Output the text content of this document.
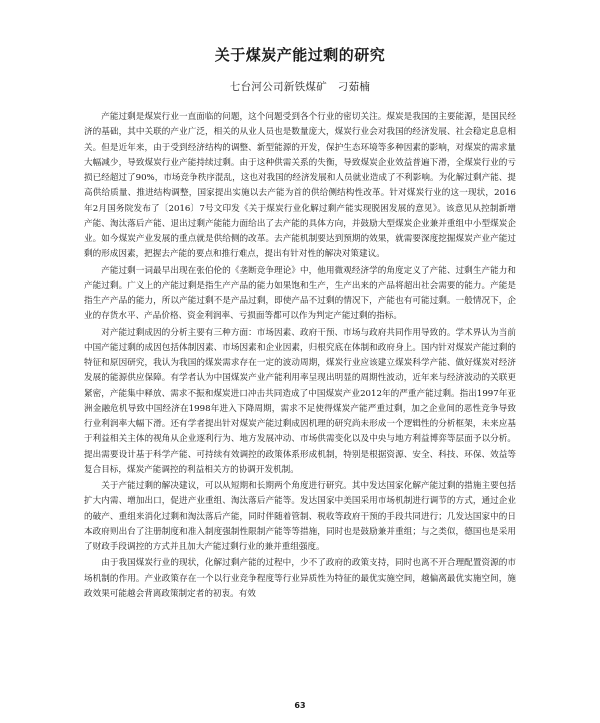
关于煤炭产能过剩的研究
七台河公司新铁煤矿　刁茹楠

产能过剩是煤炭行业一直面临的问题，这个问题受到各个行业的密切关注。煤炭是我国的主要能源，是国民经济的基础，其中关联的产业广泛，相关的从业人员也是数量庞大，煤炭行业会对我国的经济发展、社会稳定息息相关。但是近年来，由于受到经济结构的调整、新型能源的开发，保护生态环境等多种因素的影响，对煤炭的需求量大幅减少，导致煤炭行业产能持续过剩。由于这种供需关系的失衡，导致煤炭企业效益普遍下滑，全煤炭行业的亏损已经超过了90%，市场竞争秩序混乱，这也对我国的经济发展和人员就业造成了不利影响。为化解过剩产能、提高供给质量、推进结构调整，国家提出实施以去产能为首的供给侧结构性改革。针对煤炭行业的这一现状，2016年2月国务院发布了〔2016〕7号文印发《关于煤炭行业化解过剩产能实现脱困发展的意见》。该意见从控制新增产能、淘汰落后产能、退出过剩产能能力面给出了去产能的具体方向，并鼓励大型煤炭企业兼并重组中小型煤炭企业。如今煤炭产业发展的重点就是供给侧的改革。去产能机制要达到预期的效果，就需要深度挖掘煤炭产业产能过剩的形成因素，把握去产能的要点和推行难点，提出有针对性的解决对策建议。

产能过剩一词最早出现在张伯伦的《垄断竞争理论》中，他用微观经济学的角度定义了产能、过剩生产能力和产能过剩。广义上的产能过剩是指生产产品的能力如果饱和生产，生产出来的产品将超出社会需要的能力。产能是指生产产品的能力，所以产能过剩不是产品过剩，即使产品不过剩的情况下，产能也有可能过剩。一般情况下，企业的存货水平、产品价格、资金利润率、亏损面等都可以作为判定产能过剩的指标。

对产能过剩成因的分析主要有三种方面：市场因素、政府干预、市场与政府共同作用导致的。学术界认为当前中国产能过剩的成因包括体制因素、市场因素和企业因素，归根究底在体制和政府身上。国内针对煤炭产能过剩的特征和原因研究，我认为我国的煤炭需求存在一定的波动周期，煤炭行业应该建立煤炭科学产能、做好煤炭对经济发展的能源供应保障。有学者认为中国煤炭产业产能利用率呈现出明显的周期性波动，近年来与经济波动的关联更紧密，产能集中释放、需求不振和煤炭进口冲击共同造成了中国煤炭产业2012年的严重产能过剩。指出1997年亚洲金融危机导致中国经济在1998年进入下降周期，需求不足使得煤炭产能严重过剩，加之企业间的恶性竞争导致行业利润率大幅下滑。还有学者提出针对煤炭产能过剩成因机理的研究尚未形成一个逻辑性的分析框架，未来应基于利益相关主体的视角从企业逐利行为、地方发展冲动、市场供需变化以及中央与地方利益博弈等层面予以分析。提出需要设计基于科学产能、可持续有效调控的政策体系形成机制，特别是根据资源、安全、科技、环保、效益等复合目标，煤炭产能调控的利益相关方的协调开发机制。

关于产能过剩的解决建议，可以从短期和长期两个角度进行研究。其中发达国家化解产能过剩的措施主要包括扩大内需、增加出口，促进产业重组、淘汰落后产能等。发达国家中美国采用市场机制进行调节的方式，通过企业的破产、重组来消化过剩和淘汰落后产能，同时伴随着管制、税收等政府干预的手段共同进行；几发达国家中的日本政府则出台了注册制度和准入制度强制性限制产能等等措施，同时也是鼓励兼并重组；与之类似，德国也是采用了财政手段调控的方式并且加大产能过剩行业的兼并重组强度。

由于我国煤炭行业的现状，化解过剩产能的过程中，少不了政府的政策支持，同时也离不开合理配置资源的市场机制的作用。产业政策存在一个以行业竞争程度等行业异质性为特征的最优实施空间，越偏离最优实施空间，施政效果可能越会背离政策制定者的初衷。有效

63
